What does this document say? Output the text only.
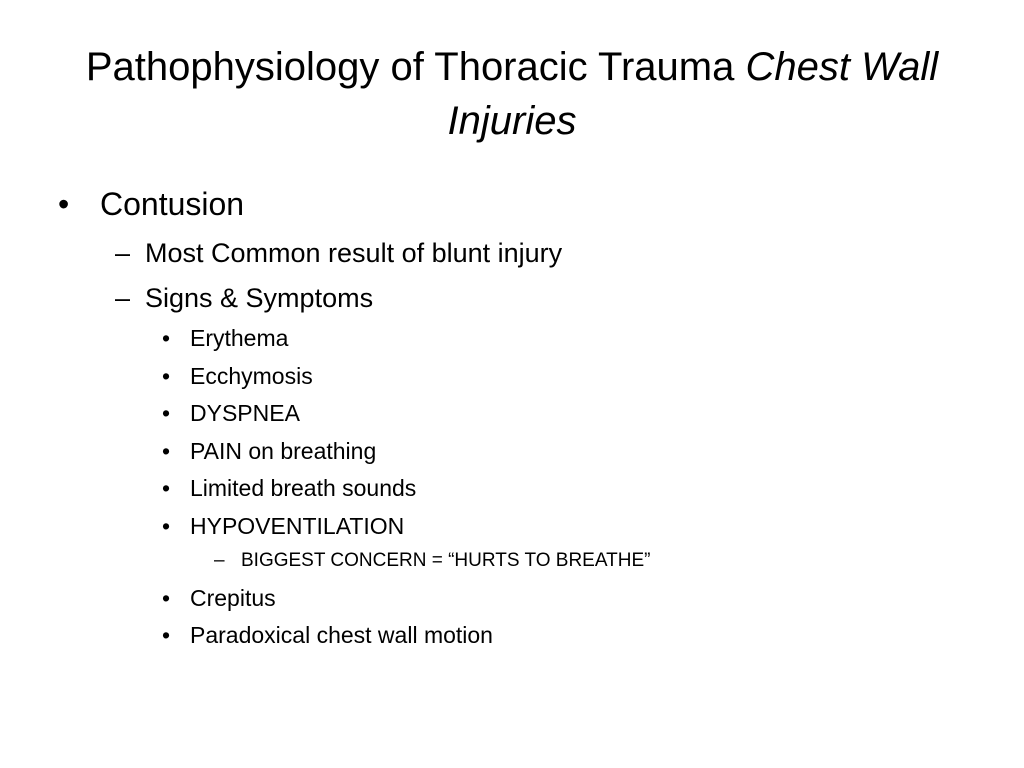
Pathophysiology of Thoracic Trauma Chest Wall Injuries
• Contusion
– Most Common result of blunt injury
– Signs & Symptoms
• Erythema
• Ecchymosis
• DYSPNEA
• PAIN on breathing
• Limited breath sounds
• HYPOVENTILATION
– BIGGEST CONCERN = “HURTS TO BREATHE”
• Crepitus
• Paradoxical chest wall motion
